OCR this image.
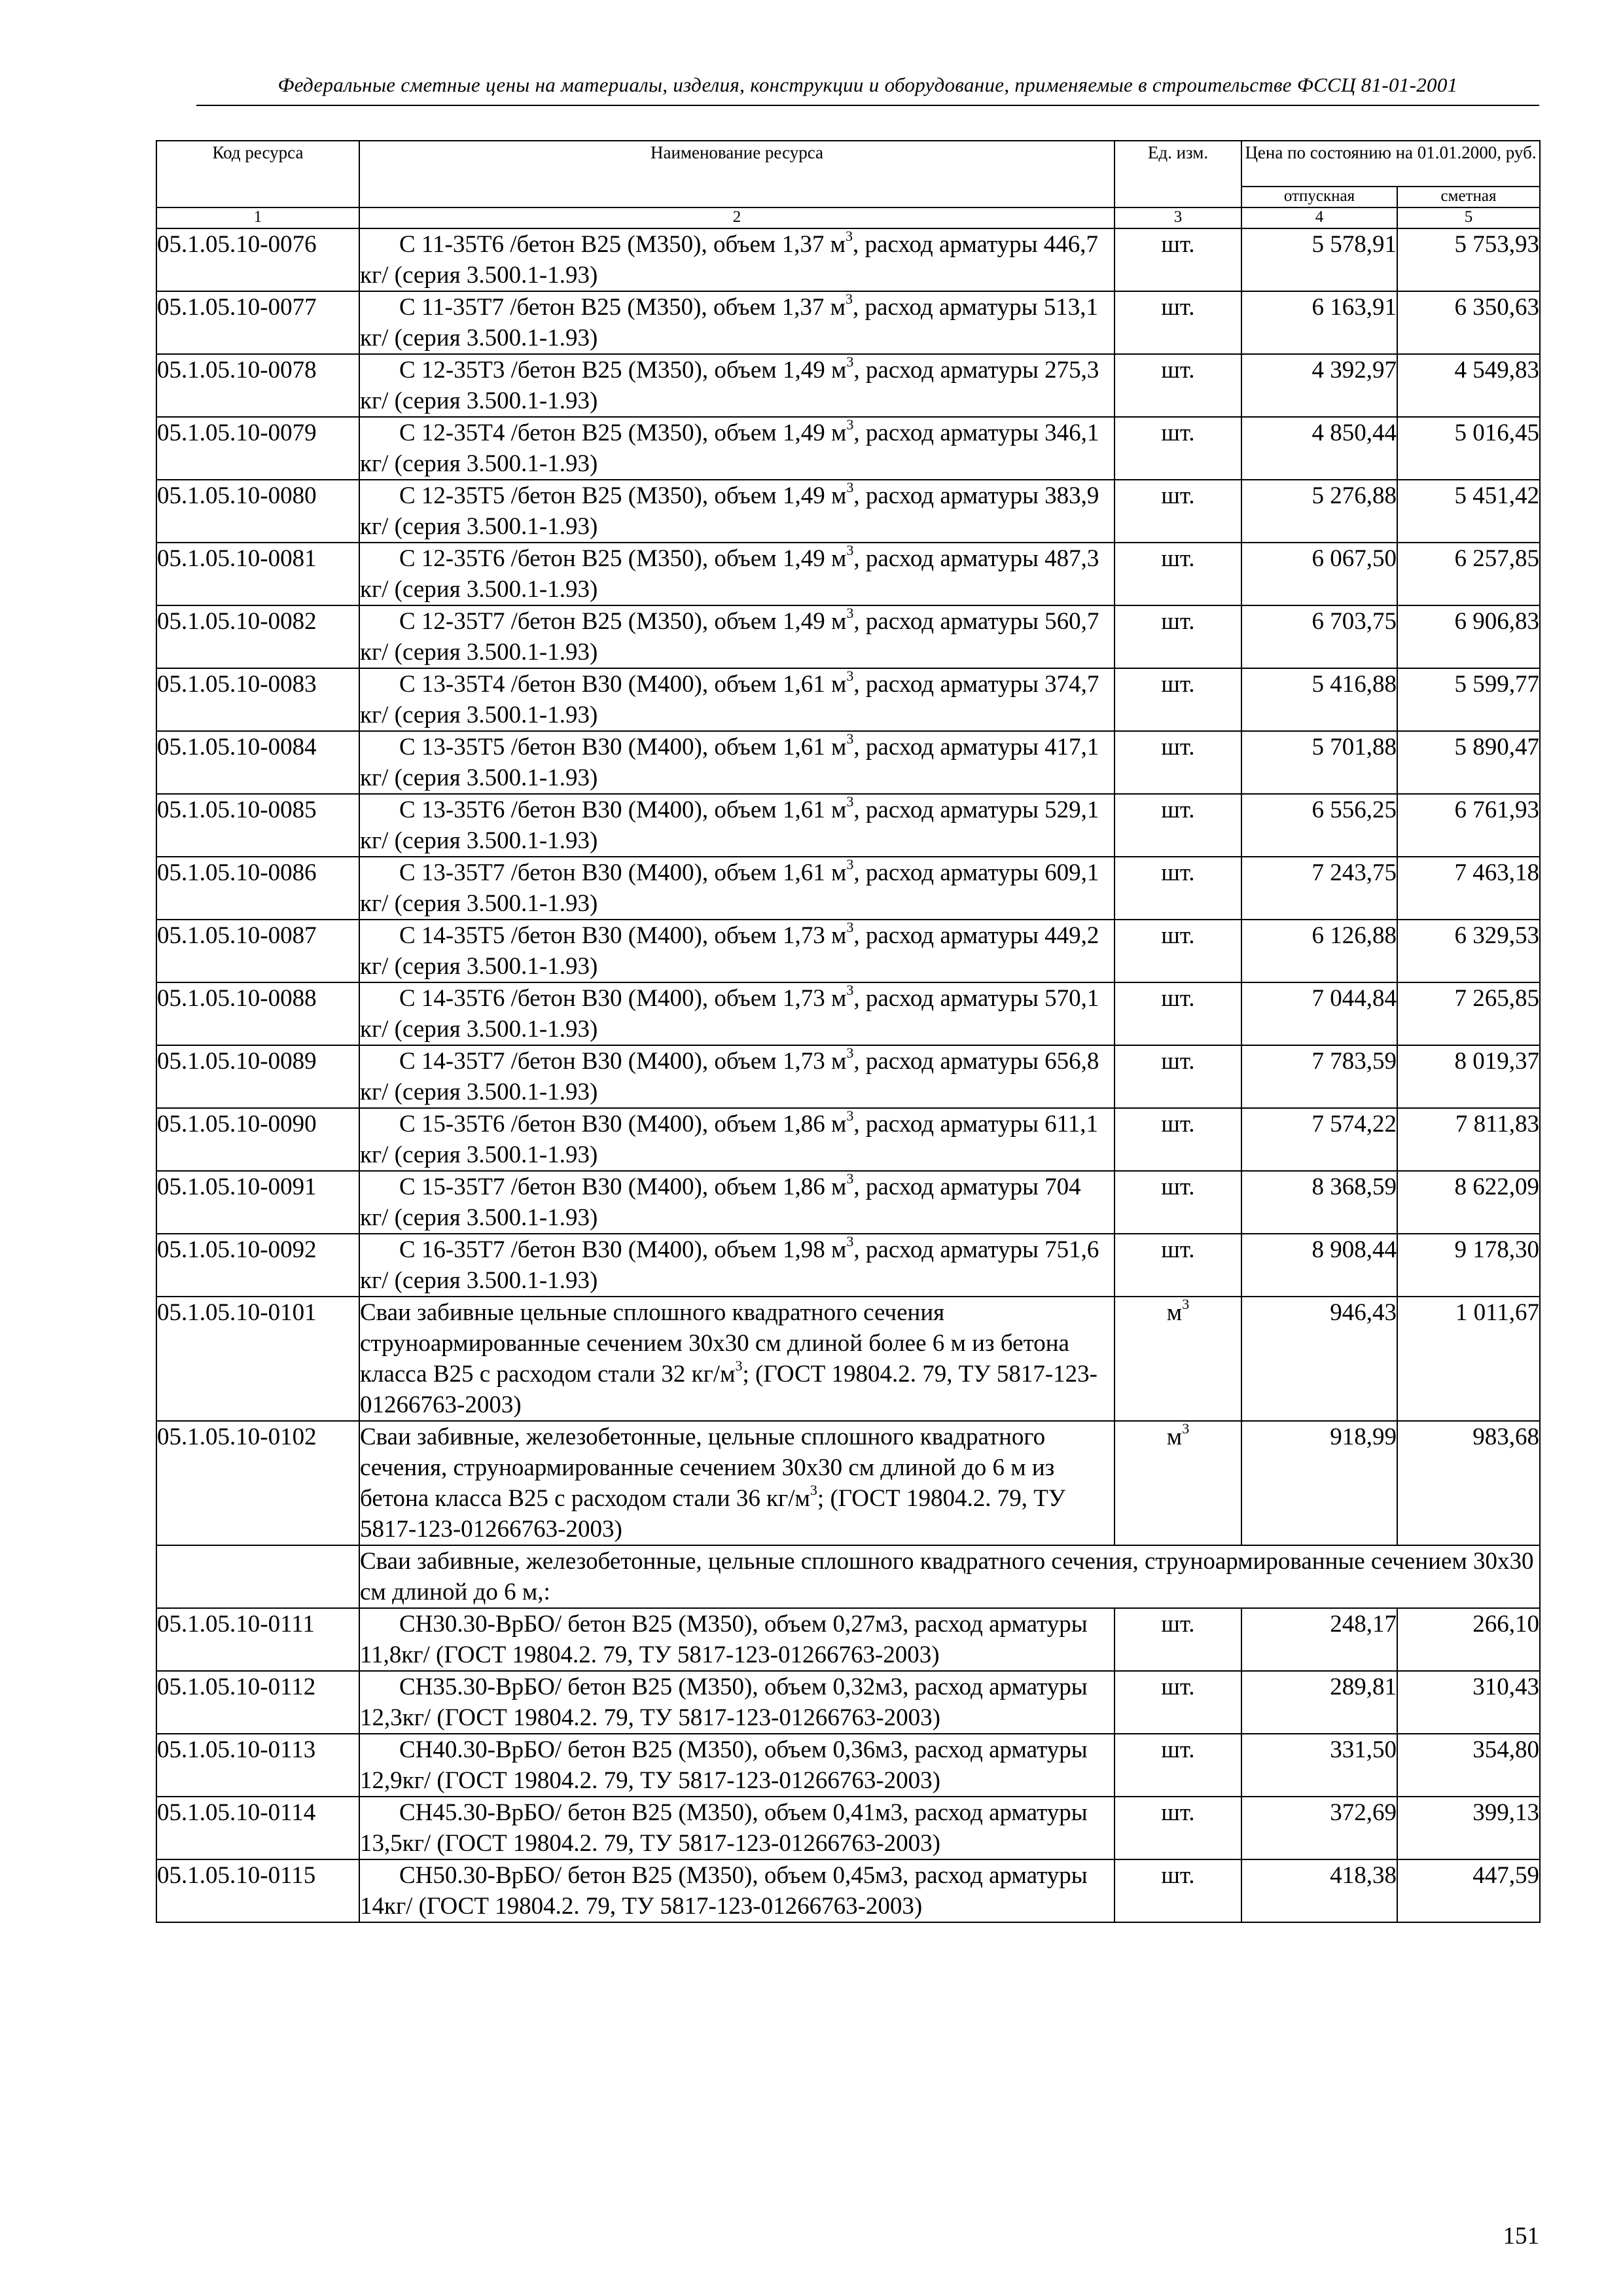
Федеральные сметные цены на материалы, изделия, конструкции и оборудование, применяемые в строительстве ФССЦ 81-01-2001
Код ресурса	Наименование ресурса	Ед. изм.	Цена по состоянию на 01.01.2000, руб.	
			отпускная	сметная
1	2	3	4	5
05.1.05.10-0076	С 11-35Т6 /бетон В25 (М350), объем 1,37 $м^3$, расход арматуры 446,7 кг/ (серия 3.500.1-1.93)	шт.	5 578,91	5 753,93
05.1.05.10-0077	С 11-35Т7 /бетон В25 (М350), объем 1,37 $м^3$, расход арматуры 513,1 кг/ (серия 3.500.1-1.93)	шт.	6 163,91	6 350,63
05.1.05.10-0078	С 12-35Т3 /бетон В25 (М350), объем 1,49 $м^3$, расход арматуры 275,3 кг/ (серия 3.500.1-1.93)	шт.	4 392,97	4 549,83
05.1.05.10-0079	С 12-35Т4 /бетон В25 (М350), объем 1,49 $м^3$, расход арматуры 346,1 кг/ (серия 3.500.1-1.93)	шт.	4 850,44	5 016,45
05.1.05.10-0080	С 12-35Т5 /бетон В25 (М350), объем 1,49 $м^3$, расход арматуры 383,9 кг/ (серия 3.500.1-1.93)	шт.	5 276,88	5 451,42
05.1.05.10-0081	С 12-35Т6 /бетон В25 (М350), объем 1,49 $м^3$, расход арматуры 487,3 кг/ (серия 3.500.1-1.93)	шт.	6 067,50	6 257,85
05.1.05.10-0082	С 12-35Т7 /бетон В25 (М350), объем 1,49 $м^3$, расход арматуры 560,7 кг/ (серия 3.500.1-1.93)	шт.	6 703,75	6 906,83
05.1.05.10-0083	С 13-35Т4 /бетон В30 (М400), объем 1,61 $м^3$, расход арматуры 374,7 кг/ (серия 3.500.1-1.93)	шт.	5 416,88	5 599,77
05.1.05.10-0084	С 13-35Т5 /бетон В30 (М400), объем 1,61 $м^3$, расход арматуры 417,1 кг/ (серия 3.500.1-1.93)	шт.	5 701,88	5 890,47
05.1.05.10-0085	С 13-35Т6 /бетон В30 (М400), объем 1,61 $м^3$, расход арматуры 529,1 кг/ (серия 3.500.1-1.93)	шт.	6 556,25	6 761,93
05.1.05.10-0086	С 13-35Т7 /бетон В30 (М400), объем 1,61 $м^3$, расход арматуры 609,1 кг/ (серия 3.500.1-1.93)	шт.	7 243,75	7 463,18
05.1.05.10-0087	С 14-35Т5 /бетон В30 (М400), объем 1,73 $м^3$, расход арматуры 449,2 кг/ (серия 3.500.1-1.93)	шт.	6 126,88	6 329,53
05.1.05.10-0088	С 14-35Т6 /бетон В30 (М400), объем 1,73 $м^3$, расход арматуры 570,1 кг/ (серия 3.500.1-1.93)	шт.	7 044,84	7 265,85
05.1.05.10-0089	С 14-35Т7 /бетон В30 (М400), объем 1,73 $м^3$, расход арматуры 656,8 кг/ (серия 3.500.1-1.93)	шт.	7 783,59	8 019,37
05.1.05.10-0090	С 15-35Т6 /бетон В30 (М400), объем 1,86 $м^3$, расход арматуры 611,1 кг/ (серия 3.500.1-1.93)	шт.	7 574,22	7 811,83
05.1.05.10-0091	С 15-35Т7 /бетон В30 (М400), объем 1,86 $м^3$, расход арматуры 704 кг/ (серия 3.500.1-1.93)	шт.	8 368,59	8 622,09
05.1.05.10-0092	С 16-35Т7 /бетон В30 (М400), объем 1,98 $м^3$, расход арматуры 751,6 кг/ (серия 3.500.1-1.93)	шт.	8 908,44	9 178,30
05.1.05.10-0101	Сваи забивные цельные сплошного квадратного сечения струноармированные сечением 30х30 см длиной более 6 м из бетона класса В25 с расходом стали 32 $кг/м^3$; (ГОСТ 19804.2. 79, ТУ 5817-123-01266763-2003)	$м^3$	946,43	1 011,67
05.1.05.10-0102	Сваи забивные, железобетонные, цельные сплошного квадратного сечения, струноармированные сечением 30х30 см длиной до 6 м из бетона класса В25 с расходом стали 36 $кг/м^3$; (ГОСТ 19804.2. 79, ТУ 5817-123-01266763-2003)	$м^3$	918,99	983,68
	Сваи забивные, железобетонные, цельные сплошного квадратного сечения, струноармированные сечением 30х30 см длиной до 6 м,:			
05.1.05.10-0111	СН30.30-ВрБО/ бетон В25 (М350), объем 0,27м3, расход арматуры 11,8кг/ (ГОСТ 19804.2. 79, ТУ 5817-123-01266763-2003)	шт.	248,17	266,10
05.1.05.10-0112	СН35.30-ВрБО/ бетон В25 (М350), объем 0,32м3, расход арматуры 12,3кг/ (ГОСТ 19804.2. 79, ТУ 5817-123-01266763-2003)	шт.	289,81	310,43
05.1.05.10-0113	СН40.30-ВрБО/ бетон В25 (М350), объем 0,36м3, расход арматуры 12,9кг/ (ГОСТ 19804.2. 79, ТУ 5817-123-01266763-2003)	шт.	331,50	354,80
05.1.05.10-0114	СН45.30-ВрБО/ бетон В25 (М350), объем 0,41м3, расход арматуры 13,5кг/ (ГОСТ 19804.2. 79, ТУ 5817-123-01266763-2003)	шт.	372,69	399,13
05.1.05.10-0115	СН50.30-ВрБО/ бетон В25 (М350), объем 0,45м3, расход арматуры 14кг/ (ГОСТ 19804.2. 79, ТУ 5817-123-01266763-2003)	шт.	418,38	447,59
151
